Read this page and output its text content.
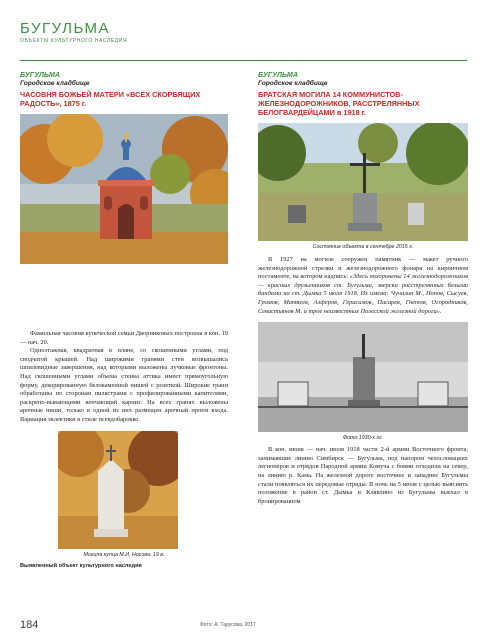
БУГУЛЬМА
ОБЪЕКТЫ КУЛЬТУРНОГО НАСЛЕДИЯ
БУГУЛЬМА
Городское кладбище
ЧАСОВНЯ БОЖЬЕЙ МАТЕРИ «ВСЕХ СКОРБЯЩИХ РАДОСТЬ», 1875 г.

Фамильная часовня купеческой семьи Дворниковых построена в кон. 19 — нач. 20.

Одноэтажная, квадратная в плане, со скошенными углами, под сводчатой крышей. Над широкими гранями стен возвышались шпилевидные завершения, над которыми выложены лучковые фронтоны. Над скошенными углами объема стенка аттика имеет прямоугольную форму, декорированную белокаменной нишей с розеткой. Широкие грани обработаны по сторонам пилястрами с профилированными капителями, раскрепо-вывающими венчающий карниз. На всех гранях выложены арочные ниши, только в одной из них размещен арочный проем входа. Вариация эклектики в стиле псевдобарокко.

Могила купца М.И. Носова. 19 в.
Выявленный объект культурного наследия
БУГУЛЬМА
Городское кладбище
БРАТСКАЯ МОГИЛА 14 КОММУНИСТОВ-ЖЕЛЕЗНОДОРОЖНИКОВ, РАССТРЕЛЯННЫХ БЕЛОГВАРДЕЙЦАМИ в 1918 г.
Состояние объекта в сентябре 2015 г.

В 1927 на могиле сооружен памятник — макет ручного железнодорожной стрелки и железнодорожного фонаря на кирпичном постаменте, на котором надпись: «Здесь похоронены 14 железнодорожников — красных друзьенников ст. Бугульма, зверски расстрелянных белыми бандами на ст. Дымка 5 июля 1918. Их имена: Чучалин М., Попов, Сысуев, Громов, Матвеев, Алферов, Герасимов, Писарев, Гнетов, Огородников, Севастьянов М. и трое неизвестных Полесской железной дороги».

Фото 1930-х гг.

В кон. июня — нач. июля 1918 части 2-й армии Восточного фронта, занимавшие линию Симбирск — Бугульма, под напором чехословацких легионеров и отрядов Народной армии Комуча с боями отходили на север, на линию р. Кама. На железной дороге восточнее и западнее Бугульмы стали появляться их передовые отряды. В ночь на 5 июля с целью выяснить положение в район ст. Дымка и Клявлино из Бугульмы выехал в бронированном

184	Фото: А. Тарусова, 2017
